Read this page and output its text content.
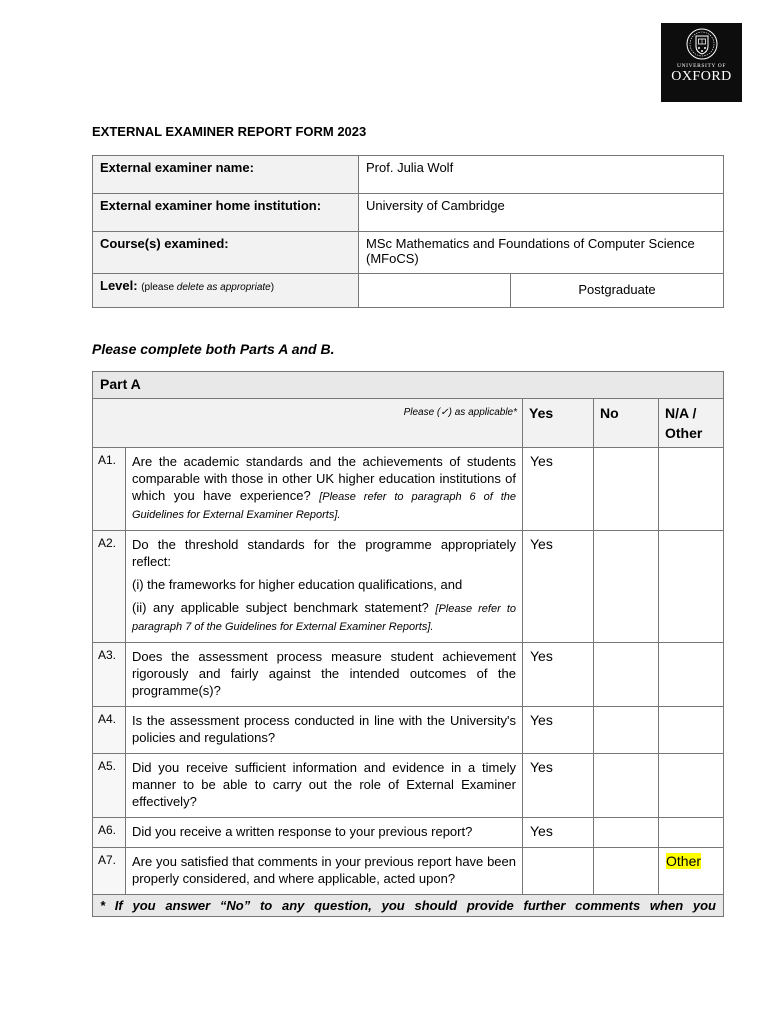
UNIVERSITY OF
OXFORD
EXTERNAL EXAMINER REPORT FORM 2023
External examiner name:	Prof. Julia Wolf	
External examiner home institution:	University of Cambridge	
Course(s) examined:	MSc Mathematics and Foundations of Computer Science (MFoCS)	
Level: (please delete as appropriate)		Postgraduate
Please complete both Parts A and B.
Part A				
Please (✓) as applicable*		Yes	No	N/A / Other
A1.	Are the academic standards and the achievements of students comparable with those in other UK higher education institutions of which you have experience? [Please refer to paragraph 6 of the Guidelines for External Examiner Reports].	Yes		
A2.	Do the threshold standards for the programme appropriately reflect:

(i) the frameworks for higher education qualifications, and

(ii) any applicable subject benchmark statement? [Please refer to paragraph 7 of the Guidelines for External Examiner Reports].	Yes		
A3.	Does the assessment process measure student achievement rigorously and fairly against the intended outcomes of the programme(s)?	Yes		
A4.	Is the assessment process conducted in line with the University's policies and regulations?	Yes		
A5.	Did you receive sufficient information and evidence in a timely manner to be able to carry out the role of External Examiner effectively?	Yes		
A6.	Did you receive a written response to your previous report?	Yes		
A7.	Are you satisfied that comments in your previous report have been properly considered, and where applicable, acted upon?			Other
* If you answer “No” to any question, you should provide further comments when you				
